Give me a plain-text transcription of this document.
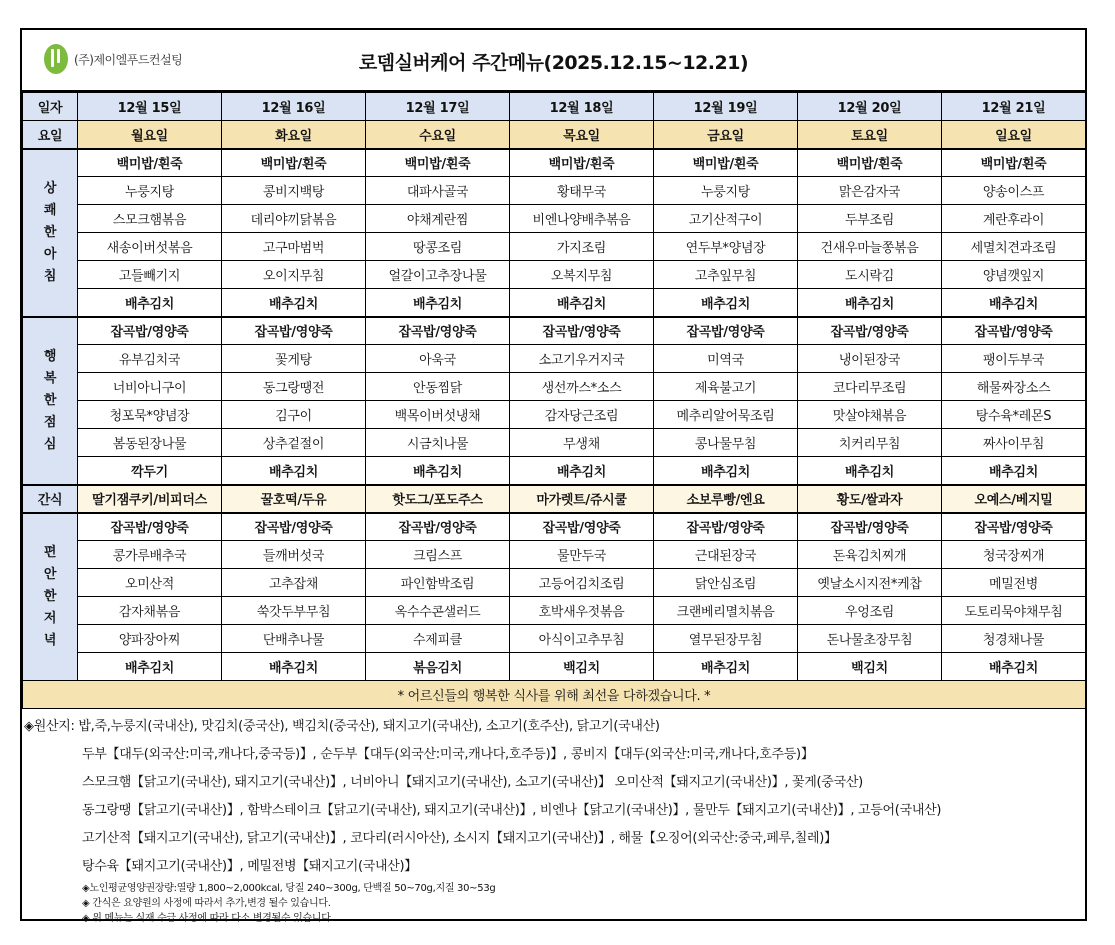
(주)제이엘푸드컨설팅	로뎀실버케어 주간메뉴(2025.12.15~12.21)
일자	12월 15일	12월 16일	12월 17일	12월 18일	12월 19일	12월 20일	12월 21일
요일	월요일	화요일	수요일	목요일	금요일	토요일	일요일

상
쾌
한
아
침	백미밥/흰죽	백미밥/흰죽	백미밥/흰죽	백미밥/흰죽	백미밥/흰죽	백미밥/흰죽	백미밥/흰죽
	누룽지탕	콩비지백탕	대파사골국	황태무국	누룽지탕	맑은감자국	양송이스프
	스모크햄볶음	데리야끼닭볶음	야채계란찜	비엔나양배추볶음	고기산적구이	두부조림	계란후라이
	새송이버섯볶음	고구마범벅	땅콩조림	가지조림	연두부*양념장	건새우마늘쫑볶음	세멸치견과조림
	고들빼기지	오이지무침	얼갈이고추장나물	오복지무침	고추잎무침	도시락김	양념깻잎지
	배추김치	배추김치	배추김치	배추김치	배추김치	배추김치	배추김치

행
복
한
점
심	잡곡밥/영양죽	잡곡밥/영양죽	잡곡밥/영양죽	잡곡밥/영양죽	잡곡밥/영양죽	잡곡밥/영양죽	잡곡밥/영양죽
	유부김치국	꽃게탕	아욱국	소고기우거지국	미역국	냉이된장국	팽이두부국
	너비아니구이	동그랑땡전	안동찜닭	생선까스*소스	제육불고기	코다리무조림	해물짜장소스
	청포묵*양념장	김구이	백목이버섯냉채	감자당근조림	메추리알어묵조림	맛살야채볶음	탕수육*레몬S
	봄동된장나물	상추겉절이	시금치나물	무생채	콩나물무침	치커리무침	짜사이무침
	깍두기	배추김치	배추김치	배추김치	배추김치	배추김치	배추김치
간식	딸기잼쿠키/비피더스	꿀호떡/두유	핫도그/포도주스	마가렛트/쥬시쿨	소보루빵/엔요	황도/쌀과자	오예스/베지밀

편
안
한
저
녁	잡곡밥/영양죽	잡곡밥/영양죽	잡곡밥/영양죽	잡곡밥/영양죽	잡곡밥/영양죽	잡곡밥/영양죽	잡곡밥/영양죽
	콩가루배추국	들깨버섯국	크림스프	물만두국	근대된장국	돈육김치찌개	청국장찌개
	오미산적	고추잡채	파인함박조림	고등어김치조림	닭안심조림	옛날소시지전*케찹	메밀전병
	감자채볶음	쑥갓두부무침	옥수수콘샐러드	호박새우젓볶음	크랜베리멸치볶음	우엉조림	도토리묵야채무침
	양파장아찌	단배추나물	수제피클	아식이고추무침	열무된장무침	돈나물초장무침	청경채나물
	배추김치	배추김치	볶음김치	백김치	배추김치	백김치	배추김치
* 어르신들의 행복한 식사를 위해 최선을 다하겠습니다. *							
◈원산지: 밥,죽,누룽지(국내산), 맛김치(중국산), 백김치(중국산), 돼지고기(국내산), 소고기(호주산), 닭고기(국내산)
두부【대두(외국산:미국,캐나다,중국등)】, 순두부【대두(외국산:미국,캐나다,호주등)】, 콩비지【대두(외국산:미국,캐나다,호주등)】
스모크햄【닭고기(국내산), 돼지고기(국내산)】, 너비아니【돼지고기(국내산), 소고기(국내산)】 오미산적【돼지고기(국내산)】, 꽃게(중국산)
동그랑땡【닭고기(국내산)】, 함박스테이크【닭고기(국내산), 돼지고기(국내산)】, 비엔나【닭고기(국내산)】, 물만두【돼지고기(국내산)】, 고등어(국내산)
고기산적【돼지고기(국내산), 닭고기(국내산)】, 코다리(러시아산), 소시지【돼지고기(국내산)】, 해물【오징어(외국산:중국,페루,칠레)】
탕수육【돼지고기(국내산)】, 메밀전병【돼지고기(국내산)】
◈노인평균영양권장량:열량 1,800~2,000kcal, 당질 240~300g, 단백질 50~70g,지질 30~53g
◈ 간식은 요양원의 사정에 따라서 추가,변경 될수 있습니다.
◈ 위 메뉴는 식재 수급 사정에 따라 다소 변경될수 있습니다.
